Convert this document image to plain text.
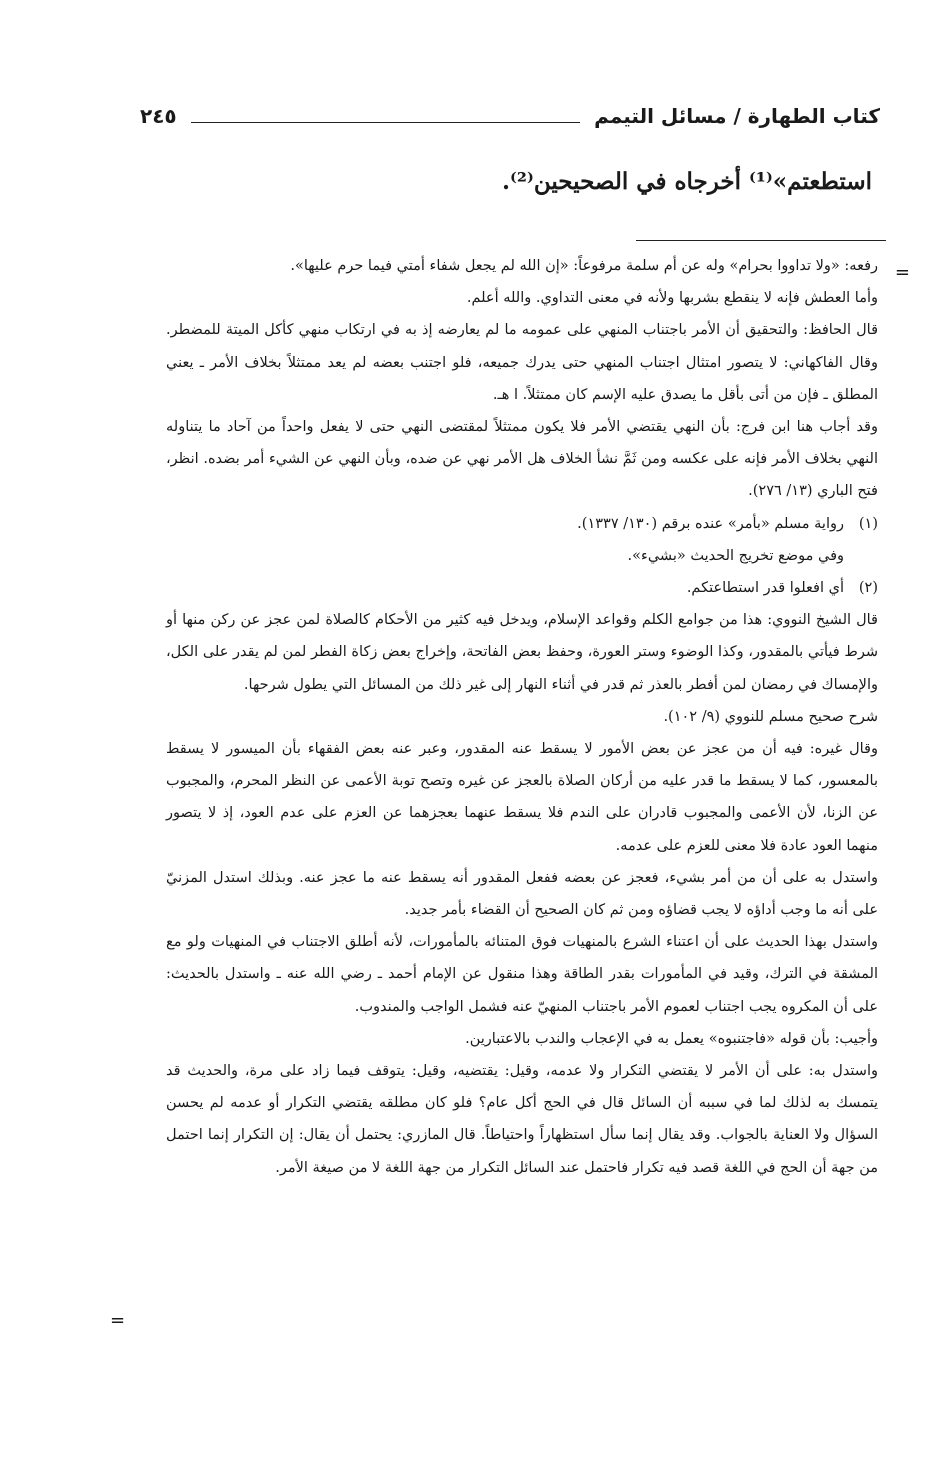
كتاب الطهارة / مسائل التيمم
٢٤٥
استطعتم»⁽¹⁾ أخرجاه في الصحيحين⁽²⁾.
=

رفعه: «ولا تداووا بحرام» وله عن أم سلمة مرفوعاً: «إن الله لم يجعل شفاء أمتي فيما حرم عليها».

وأما العطش فإنه لا ينقطع بشربها ولأنه في معنى التداوي. والله أعلم.

قال الحافظ: والتحقيق أن الأمر باجتناب المنهي على عمومه ما لم يعارضه إذ به في ارتكاب منهي كأكل الميتة للمضطر. وقال الفاكهاني: لا يتصور امتثال اجتناب المنهي حتى يدرك جميعه، فلو اجتنب بعضه لم يعد ممتثلاً بخلاف الأمر ـ يعني المطلق ـ فإن من أتى بأقل ما يصدق عليه الإسم كان ممتثلاً. ا هـ.

وقد أجاب هنا ابن فرج: بأن النهي يقتضي الأمر فلا يكون ممتثلاً لمقتضى النهي حتى لا يفعل واحداً من آحاد ما يتناوله النهي بخلاف الأمر فإنه على عكسه ومن ثَمَّ نشأ الخلاف هل الأمر نهي عن ضده، وبأن النهي عن الشيء أمر بضده. انظر، فتح الباري (١٣/ ٢٧٦).

(١)رواية مسلم «بأمر» عنده برقم (١٣٠/ ١٣٣٧).

وفي موضع تخريج الحديث «بشيء».

(٢)أي افعلوا قدر استطاعتكم.

قال الشيخ النووي: هذا من جوامع الكلم وقواعد الإسلام، ويدخل فيه كثير من الأحكام كالصلاة لمن عجز عن ركن منها أو شرط فيأتي بالمقدور، وكذا الوضوء وستر العورة، وحفظ بعض الفاتحة، وإخراج بعض زكاة الفطر لمن لم يقدر على الكل، والإمساك في رمضان لمن أفطر بالعذر ثم قدر في أثناء النهار إلى غير ذلك من المسائل التي يطول شرحها.

شرح صحيح مسلم للنووي (٩/ ١٠٢).

وقال غيره: فيه أن من عجز عن بعض الأمور لا يسقط عنه المقدور، وعبر عنه بعض الفقهاء بأن الميسور لا يسقط بالمعسور، كما لا يسقط ما قدر عليه من أركان الصلاة بالعجز عن غيره وتصح توبة الأعمى عن النظر المحرم، والمجبوب عن الزنا، لأن الأعمى والمجبوب قادران على الندم فلا يسقط عنهما بعجزهما عن العزم على عدم العود، إذ لا يتصور منهما العود عادة فلا معنى للعزم على عدمه.

واستدل به على أن من أمر بشيء، فعجز عن بعضه ففعل المقدور أنه يسقط عنه ما عجز عنه. وبذلك استدل المزنيّ على أنه ما وجب أداؤه لا يجب قضاؤه ومن ثم كان الصحيح أن القضاء بأمر جديد.

واستدل بهذا الحديث على أن اعتناء الشرع بالمنهيات فوق المتنائه بالمأمورات، لأنه أطلق الاجتناب في المنهيات ولو مع المشقة في الترك، وقيد في المأمورات بقدر الطاقة وهذا منقول عن الإمام أحمد ـ رضي الله عنه ـ واستدل بالحديث: على أن المكروه يجب اجتناب لعموم الأمر باجتناب المنهيّ عنه فشمل الواجب والمندوب.

وأجيب: بأن قوله «فاجتنبوه» يعمل به في الإعجاب والندب بالاعتبارين.

واستدل به: على أن الأمر لا يقتضي التكرار ولا عدمه، وقيل: يقتضيه، وقيل: يتوقف فيما زاد على مرة، والحديث قد يتمسك به لذلك لما في سببه أن السائل قال في الحج أكل عام؟ فلو كان مطلقه يقتضي التكرار أو عدمه لم يحسن السؤال ولا العناية بالجواب. وقد يقال إنما سأل استظهاراً واحتياطاً. قال المازري: يحتمل أن يقال: إن التكرار إنما احتمل من جهة أن الحج في اللغة قصد فيه تكرار فاحتمل عند السائل التكرار من جهة اللغة لا من صيغة الأمر.

=
